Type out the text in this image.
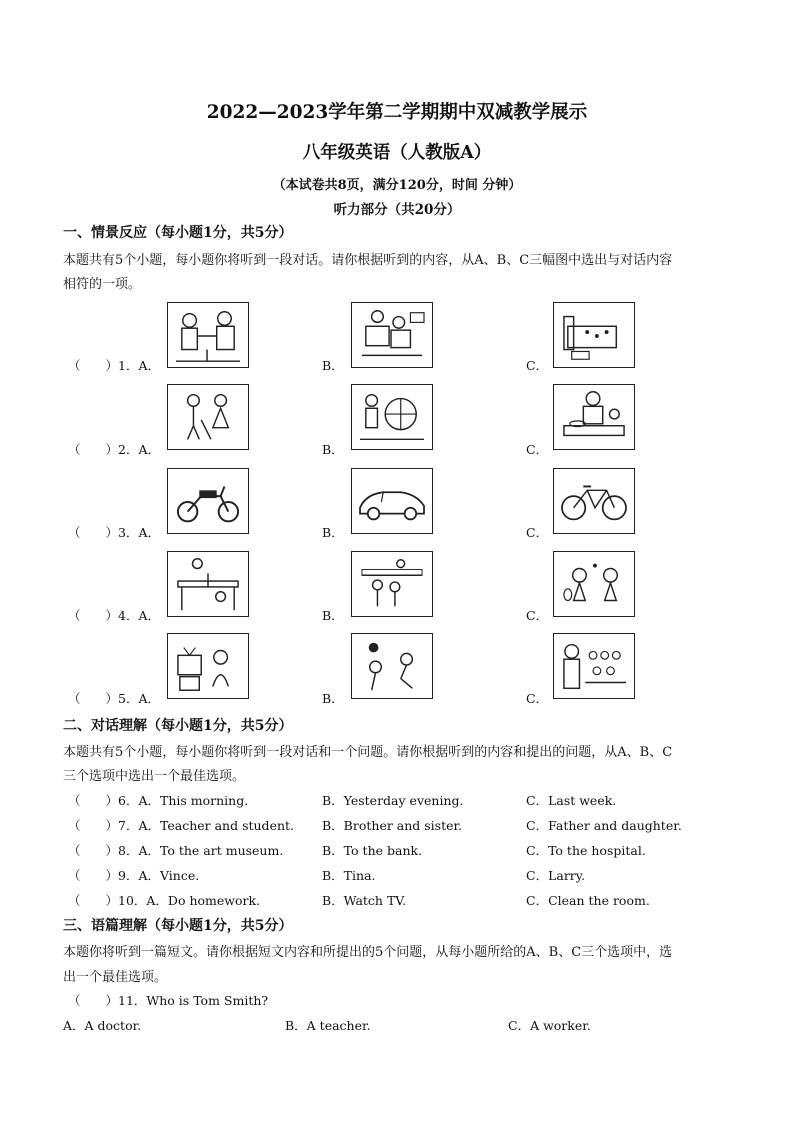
2022—2023学年第二学期期中双减教学展示
八年级英语（人教版A）
（本试卷共8页，满分120分，时间 分钟）
听力部分（共20分）
一、情景反应（每小题1分，共5分）
本题共有5个小题，每小题你将听到一段对话。请你根据听到的内容，从A、B、C三幅图中选出与对话内容
相符的一项。
（　　）1．A．	B．	C．
（　　）2．A．	B．	C．
（　　）3．A．	B．	C．
（　　）4．A．	B．	C．
（　　）5．A．	B．	C．
二、对话理解（每小题1分，共5分）
本题共有5个小题，每小题你将听到一段对话和一个问题。请你根据听到的内容和提出的问题，从A、B、C
三个选项中选出一个最佳选项。
（　　）6．A．This morning.	B．Yesterday evening.	C．Last week.
（　　）7．A．Teacher and student. B．Brother and sister.	C．Father and daughter.
（　　）8．A．To the art museum.	B．To the bank.	C．To the hospital.
（　　）9．A．Vince.	B．Tina.	C．Larry.
（　　）10．A．Do homework.	B．Watch TV.	C．Clean the room.
三、语篇理解（每小题1分，共5分）
本题你将听到一篇短文。请你根据短文内容和所提出的5个问题，从每小题所给的A、B、C三个选项中，选
出一个最佳选项。
（　　）11．Who is Tom Smith?
A．A doctor.	B．A teacher.	C．A worker.
